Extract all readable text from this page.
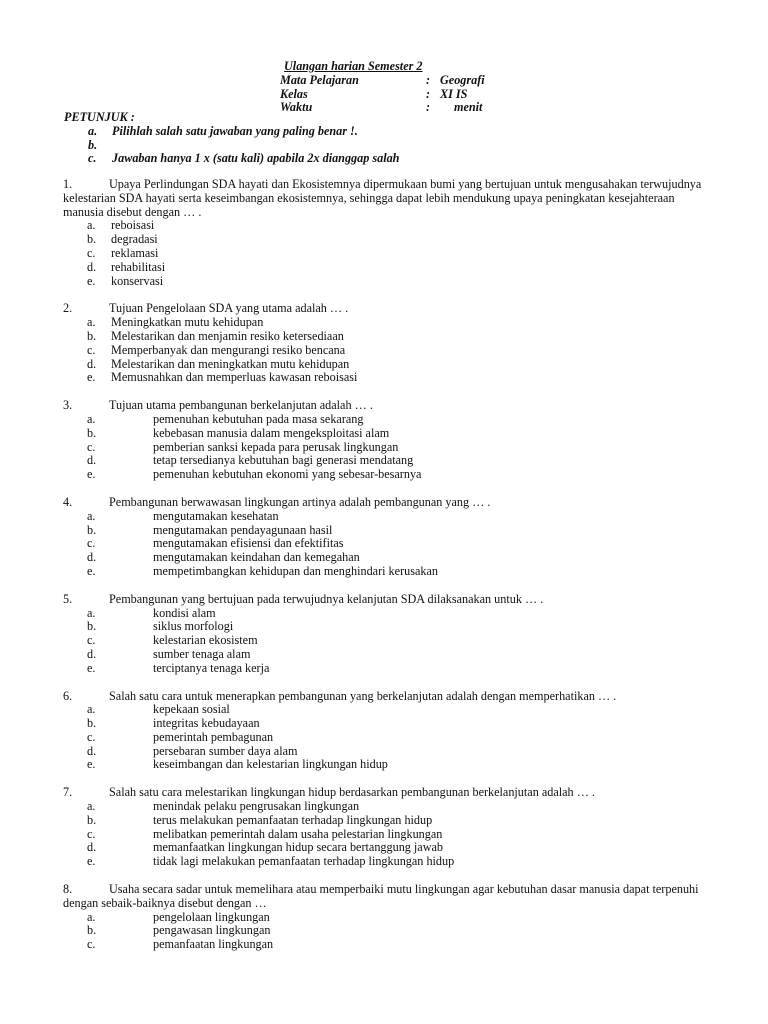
Ulangan harian Semester 2
Mata Pelajaran	: Geografi
Kelas	: XI IS
Waktu	:	menit
PETUNJUK :
a.	Pilihlah salah satu jawaban yang paling benar !.
b.
c.	Jawaban hanya 1 x (satu kali) apabila 2x dianggap salah
1.	Upaya Perlindungan SDA hayati dan Ekosistemnya dipermukaan bumi yang bertujuan untuk mengusahakan terwujudnya kelestarian SDA hayati serta keseimbangan ekosistemnya, sehingga dapat lebih mendukung upaya peningkatan kesejahteraan manusia disebut dengan … .
a.	reboisasi
b.	degradasi
c.	reklamasi
d.	rehabilitasi
e.	konservasi
2.	Tujuan Pengelolaan SDA yang utama adalah … .
a.	Meningkatkan mutu kehidupan
b.	Melestarikan dan menjamin resiko ketersediaan
c.	Memperbanyak dan mengurangi resiko bencana
d.	Melestarikan dan meningkatkan mutu kehidupan
e.	Memusnahkan dan memperluas kawasan reboisasi
3.	Tujuan utama pembangunan berkelanjutan adalah … .
a.	pemenuhan kebutuhan pada masa sekarang
b.	kebebasan manusia dalam mengeksploitasi alam
c.	pemberian sanksi kepada para perusak lingkungan
d.	tetap tersedianya kebutuhan bagi generasi mendatang
e.	pemenuhan kebutuhan ekonomi yang sebesar-besarnya
4.	Pembangunan berwawasan lingkungan artinya adalah pembangunan yang … .
a.	mengutamakan kesehatan
b.	mengutamakan pendayagunaan hasil
c.	mengutamakan efisiensi dan efektifitas
d.	mengutamakan keindahan dan kemegahan
e.	mempetimbangkan kehidupan dan menghindari kerusakan
5.	Pembangunan yang bertujuan pada terwujudnya kelanjutan SDA dilaksanakan untuk … .
a.	kondisi alam
b.	siklus morfologi
c.	kelestarian ekosistem
d.	sumber tenaga alam
e.	terciptanya tenaga kerja
6.	Salah satu cara untuk menerapkan pembangunan yang berkelanjutan adalah dengan memperhatikan … .
a.	kepekaan sosial
b.	integritas kebudayaan
c.	pemerintah pembagunan
d.	persebaran sumber daya alam
e.	keseimbangan dan kelestarian lingkungan hidup
7.	Salah satu cara melestarikan lingkungan hidup berdasarkan pembangunan berkelanjutan adalah … .
a.	menindak pelaku pengrusakan lingkungan
b.	terus melakukan pemanfaatan terhadap lingkungan hidup
c.	melibatkan pemerintah dalam usaha pelestarian lingkungan
d.	memanfaatkan lingkungan hidup secara bertanggung jawab
e.	tidak lagi melakukan pemanfaatan terhadap lingkungan hidup
8.	Usaha secara sadar untuk memelihara atau memperbaiki mutu lingkungan agar kebutuhan dasar manusia dapat terpenuhi dengan sebaik-baiknya disebut dengan …
a.	pengelolaan lingkungan
b.	pengawasan lingkungan
c.	pemanfaatan lingkungan
